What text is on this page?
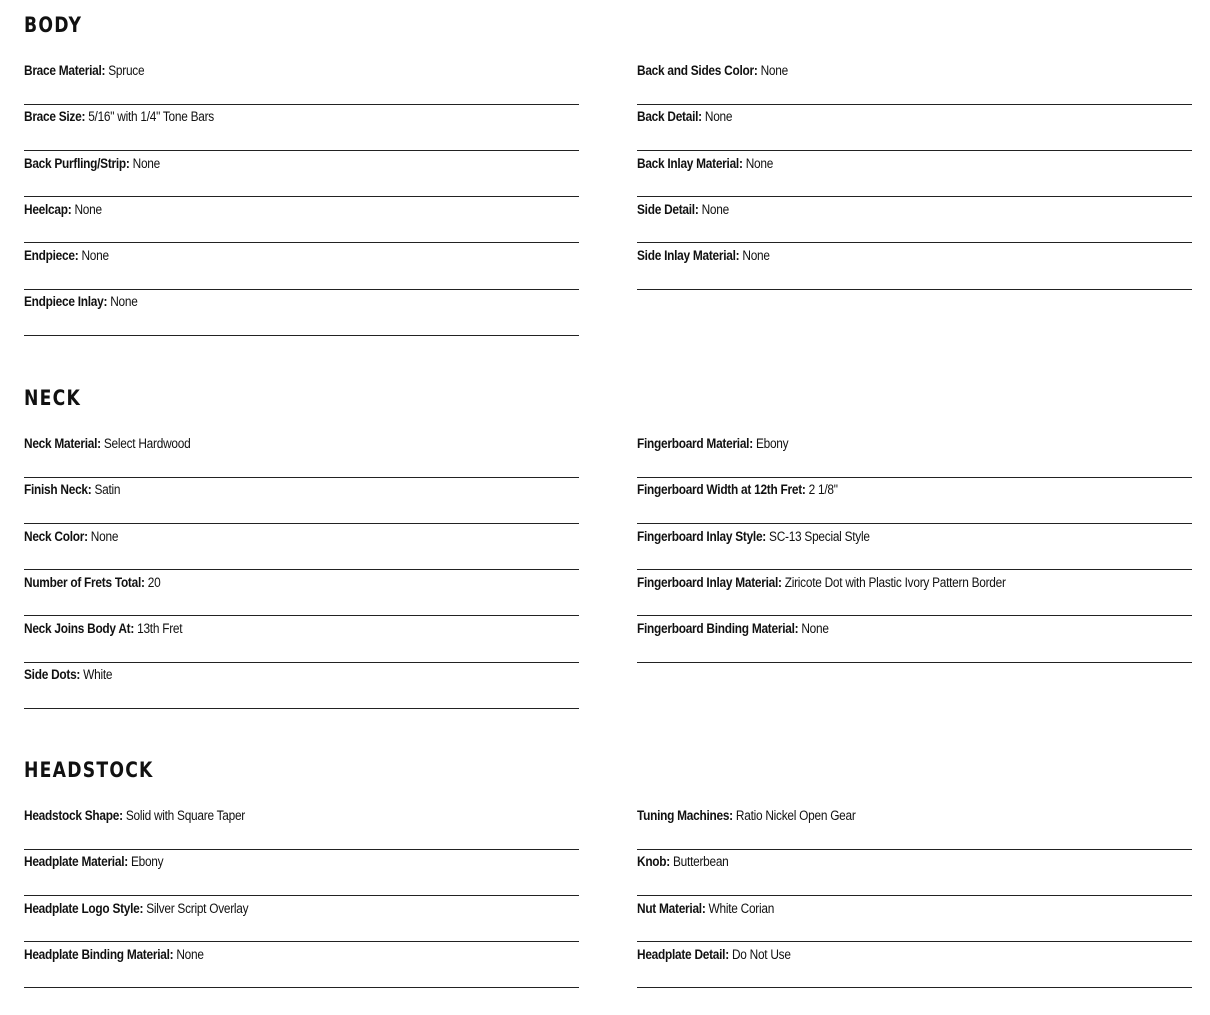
BODY
Brace Material: Spruce
Brace Size: 5/16" with 1/4" Tone Bars
Back Purfling/Strip: None
Heelcap: None
Endpiece: None
Endpiece Inlay: None
Back and Sides Color: None
Back Detail: None
Back Inlay Material: None
Side Detail: None
Side Inlay Material: None
NECK
Neck Material: Select Hardwood
Finish Neck: Satin
Neck Color: None
Number of Frets Total: 20
Neck Joins Body At: 13th Fret
Side Dots: White
Fingerboard Material: Ebony
Fingerboard Width at 12th Fret: 2 1/8"
Fingerboard Inlay Style: SC-13 Special Style
Fingerboard Inlay Material: Ziricote Dot with Plastic Ivory Pattern Border
Fingerboard Binding Material: None
HEADSTOCK
Headstock Shape: Solid with Square Taper
Headplate Material: Ebony
Headplate Logo Style: Silver Script Overlay
Headplate Binding Material: None
Tuning Machines: Ratio Nickel Open Gear
Knob: Butterbean
Nut Material: White Corian
Headplate Detail: Do Not Use
